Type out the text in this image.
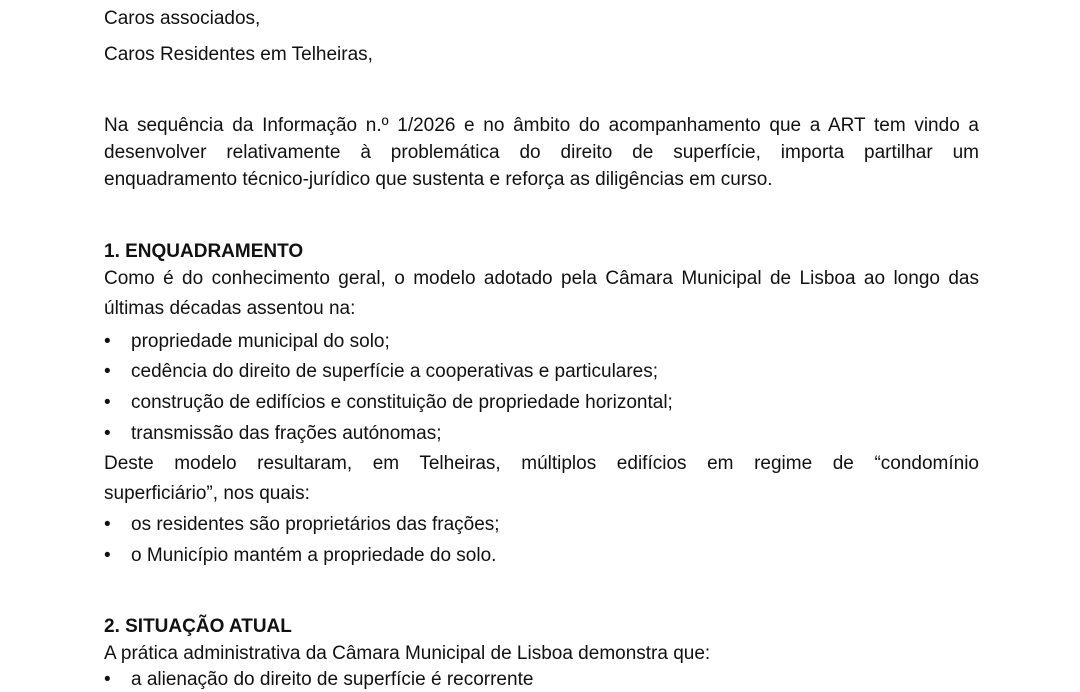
Caros associados,
Caros Residentes em Telheiras,
Na sequência da Informação n.º 1/2026 e no âmbito do acompanhamento que a ART tem vindo a
desenvolver relativamente à problemática do direito de superfície, importa partilhar um
enquadramento técnico-jurídico que sustenta e reforça as diligências em curso.
1. ENQUADRAMENTO
Como é do conhecimento geral, o modelo adotado pela Câmara Municipal de Lisboa ao longo das
últimas décadas assentou na:
• propriedade municipal do solo;
• cedência do direito de superfície a cooperativas e particulares;
• construção de edifícios e constituição de propriedade horizontal;
• transmissão das frações autónomas;
Deste modelo resultaram, em Telheiras, múltiplos edifícios em regime de “condomínio
superficiário”, nos quais:
• os residentes são proprietários das frações;
• o Município mantém a propriedade do solo.
2. SITUAÇÃO ATUAL
A prática administrativa da Câmara Municipal de Lisboa demonstra que:
• a alienação do direito de superfície é recorrente
